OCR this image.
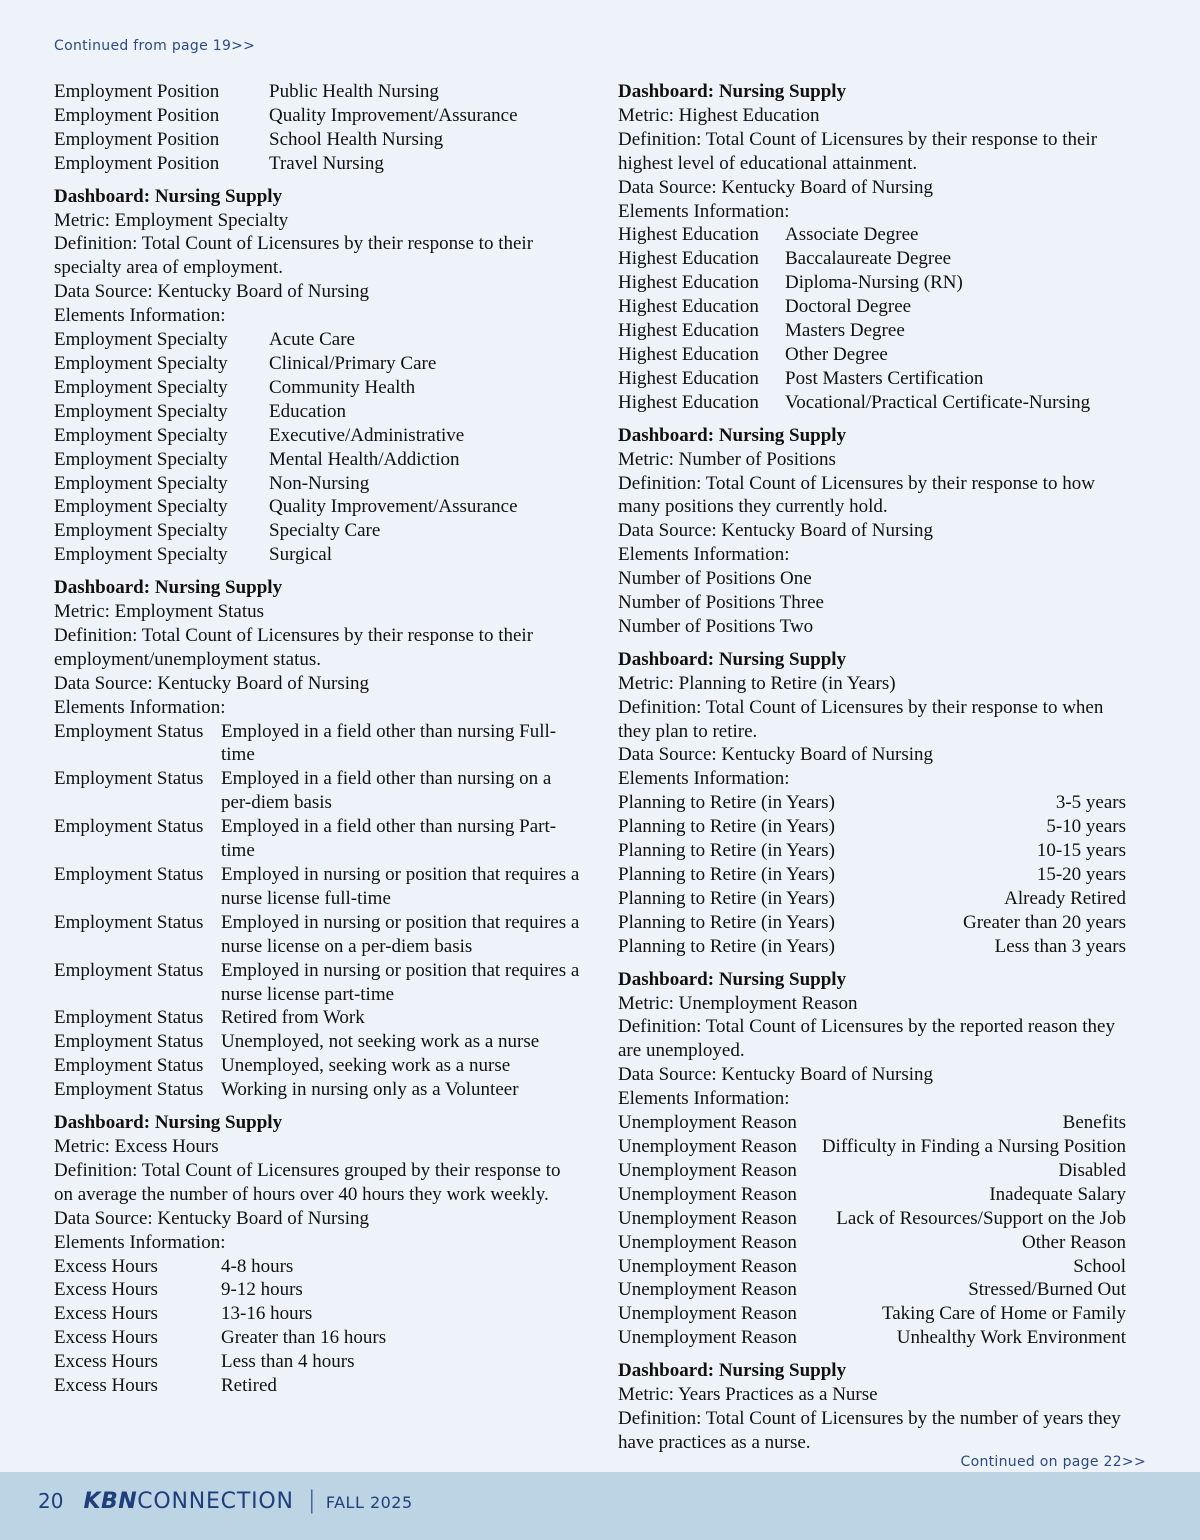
Continued from page 19>>
Employment Position	Public Health Nursing
Employment Position	Quality Improvement/Assurance
Employment Position	School Health Nursing
Employment Position	Travel Nursing
Dashboard: Nursing Supply
Metric: Employment Specialty
Definition: Total Count of Licensures by their response to their specialty area of employment.
Data Source: Kentucky Board of Nursing
Elements Information:
Employment Specialty	Acute Care
Employment Specialty	Clinical/Primary Care
Employment Specialty	Community Health
Employment Specialty	Education
Employment Specialty	Executive/Administrative
Employment Specialty	Mental Health/Addiction
Employment Specialty	Non-Nursing
Employment Specialty	Quality Improvement/Assurance
Employment Specialty	Specialty Care
Employment Specialty	Surgical
Dashboard: Nursing Supply
Metric: Employment Status
Definition: Total Count of Licensures by their response to their employment/unemployment status.
Data Source: Kentucky Board of Nursing
Elements Information:
Employment Status Employed in a field other than nursing Full-time
Employment Status Employed in a field other than nursing on a per-diem basis
Employment Status Employed in a field other than nursing Part-time
Employment Status Employed in nursing or position that requires a nurse license full-time
Employment Status Employed in nursing or position that requires a nurse license on a per-diem basis
Employment Status Employed in nursing or position that requires a nurse license part-time
Employment Status Retired from Work
Employment Status Unemployed, not seeking work as a nurse
Employment Status Unemployed, seeking work as a nurse
Employment Status Working in nursing only as a Volunteer
Dashboard: Nursing Supply
Metric: Excess Hours
Definition: Total Count of Licensures grouped by their response to on average the number of hours over 40 hours they work weekly.
Data Source: Kentucky Board of Nursing
Elements Information:
Excess Hours	4-8 hours
Excess Hours	9-12 hours
Excess Hours	13-16 hours
Excess Hours	Greater than 16 hours
Excess Hours	Less than 4 hours
Excess Hours	Retired
Dashboard: Nursing Supply
Metric: Highest Education
Definition: Total Count of Licensures by their response to their highest level of educational attainment.
Data Source: Kentucky Board of Nursing
Elements Information:
Highest Education	Associate Degree
Highest Education	Baccalaureate Degree
Highest Education	Diploma-Nursing (RN)
Highest Education	Doctoral Degree
Highest Education	Masters Degree
Highest Education	Other Degree
Highest Education	Post Masters Certification
Highest Education	Vocational/Practical Certificate-Nursing
Dashboard: Nursing Supply
Metric: Number of Positions
Definition: Total Count of Licensures by their response to how many positions they currently hold.
Data Source: Kentucky Board of Nursing
Elements Information:
Number of Positions One
Number of Positions Three
Number of Positions Two
Dashboard: Nursing Supply
Metric: Planning to Retire (in Years)
Definition: Total Count of Licensures by their response to when they plan to retire.
Data Source: Kentucky Board of Nursing
Elements Information:
Planning to Retire (in Years)	3-5 years
Planning to Retire (in Years)	5-10 years
Planning to Retire (in Years)	10-15 years
Planning to Retire (in Years)	15-20 years
Planning to Retire (in Years)	Already Retired
Planning to Retire (in Years)	Greater than 20 years
Planning to Retire (in Years)	Less than 3 years
Dashboard: Nursing Supply
Metric: Unemployment Reason
Definition: Total Count of Licensures by the reported reason they are unemployed.
Data Source: Kentucky Board of Nursing
Elements Information:
Unemployment Reason	Benefits
Unemployment Reason	Difficulty in Finding a Nursing Position
Unemployment Reason	Disabled
Unemployment Reason	Inadequate Salary
Unemployment Reason	Lack of Resources/Support on the Job
Unemployment Reason	Other Reason
Unemployment Reason	School
Unemployment Reason	Stressed/Burned Out
Unemployment Reason	Taking Care of Home or Family
Unemployment Reason	Unhealthy Work Environment
Dashboard: Nursing Supply
Metric: Years Practices as a Nurse
Definition: Total Count of Licensures by the number of years they have practices as a nurse.
Continued on page 22>>
20 KBN CONNECTION | FALL 2025
